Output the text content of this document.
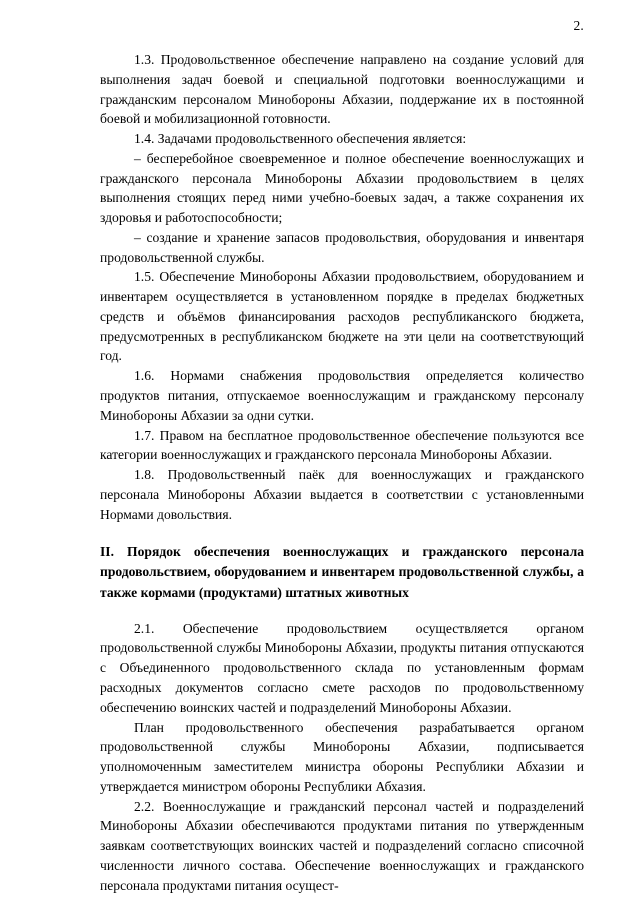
2.

1.3. Продовольственное обеспечение направлено на создание условий для выполнения задач боевой и специальной подготовки военнослужащими и гражданским персоналом Минобороны Абхазии, поддержание их в постоянной боевой и мобилизационной готовности.

1.4. Задачами продовольственного обеспечения является:

– бесперебойное своевременное и полное обеспечение военнослужащих и гражданского персонала Минобороны Абхазии продовольствием в целях выполнения стоящих перед ними учебно-боевых задач, а также сохранения их здоровья и работоспособности;

– создание и хранение запасов продовольствия, оборудования и инвентаря продовольственной службы.

1.5. Обеспечение Минобороны Абхазии продовольствием, оборудованием и инвентарем осуществляется в установленном порядке в пределах бюджетных средств и объёмов финансирования расходов республиканского бюджета, предусмотренных в республиканском бюджете на эти цели на соответствующий год.

1.6. Нормами снабжения продовольствия определяется количество продуктов питания, отпускаемое военнослужащим и гражданскому персоналу Минобороны Абхазии за одни сутки.

1.7. Правом на бесплатное продовольственное обеспечение пользуются все категории военнослужащих и гражданского персонала Минобороны Абхазии.

1.8. Продовольственный паёк для военнослужащих и гражданского персонала Минобороны Абхазии выдается в соответствии с установленными Нормами довольствия.

II. Порядок обеспечения военнослужащих и гражданского персонала продовольствием, оборудованием и инвентарем продовольственной службы, а также кормами (продуктами) штатных животных

2.1. Обеспечение продовольствием осуществляется органом продовольственной службы Минобороны Абхазии, продукты питания отпускаются с Объединенного продовольственного склада по установленным формам расходных документов согласно смете расходов по продовольственному обеспечению воинских частей и подразделений Минобороны Абхазии.

План продовольственного обеспечения разрабатывается органом продовольственной службы Минобороны Абхазии, подписывается уполномоченным заместителем министра обороны Республики Абхазии и утверждается министром обороны Республики Абхазия.

2.2. Военнослужащие и гражданский персонал частей и подразделений Минобороны Абхазии обеспечиваются продуктами питания по утвержденным заявкам соответствующих воинских частей и подразделений согласно списочной численности личного состава. Обеспечение военнослужащих и гражданского персонала продуктами питания осущест-
